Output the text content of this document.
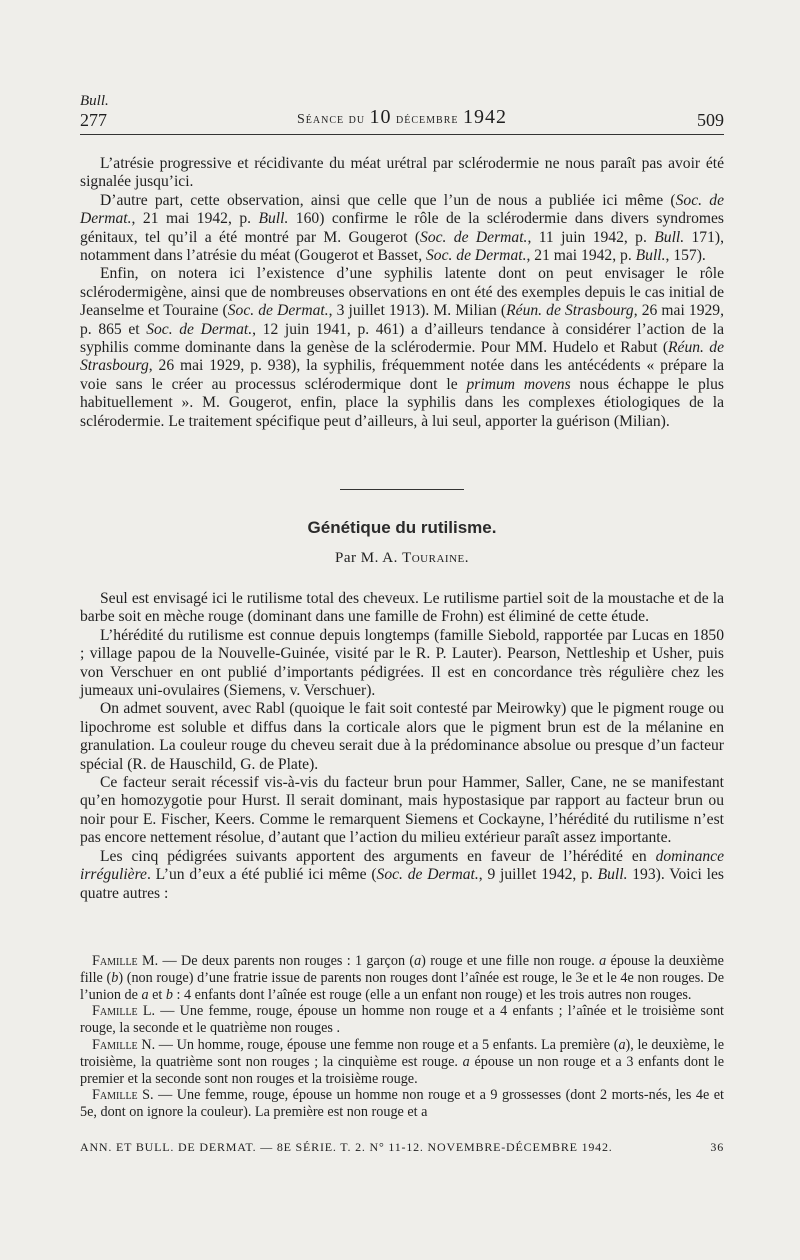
Bull.
277	Séance du 10 décembre 1942	509

L’atrésie progressive et récidivante du méat urétral par sclérodermie ne nous paraît pas avoir été signalée jusqu’ici.

D’autre part, cette observation, ainsi que celle que l’un de nous a publiée ici même (Soc. de Dermat., 21 mai 1942, p. Bull. 160) confirme le rôle de la sclérodermie dans divers syndromes génitaux, tel qu’il a été montré par M. Gougerot (Soc. de Dermat., 11 juin 1942, p. Bull. 171), notamment dans l’atrésie du méat (Gougerot et Basset, Soc. de Dermat., 21 mai 1942, p. Bull., 157).

Enfin, on notera ici l’existence d’une syphilis latente dont on peut envisager le rôle sclérodermigène, ainsi que de nombreuses observations en ont été des exemples depuis le cas initial de Jeanselme et Touraine (Soc. de Dermat., 3 juillet 1913). M. Milian (Réun. de Strasbourg, 26 mai 1929, p. 865 et Soc. de Dermat., 12 juin 1941, p. 461) a d’ailleurs tendance à considérer l’action de la syphilis comme dominante dans la genèse de la sclérodermie. Pour MM. Hudelo et Rabut (Réun. de Strasbourg, 26 mai 1929, p. 938), la syphilis, fréquemment notée dans les antécédents « prépare la voie sans le créer au processus sclérodermique dont le primum movens nous échappe le plus habituellement ». M. Gougerot, enfin, place la syphilis dans les complexes étiologiques de la sclérodermie. Le traitement spécifique peut d’ailleurs, à lui seul, apporter la guérison (Milian).

Génétique du rutilisme.
Par M. A. Touraine.

Seul est envisagé ici le rutilisme total des cheveux. Le rutilisme partiel soit de la moustache et de la barbe soit en mèche rouge (dominant dans une famille de Frohn) est éliminé de cette étude.

L’hérédité du rutilisme est connue depuis longtemps (famille Siebold, rapportée par Lucas en 1850 ; village papou de la Nouvelle-Guinée, visité par le R. P. Lauter). Pearson, Nettleship et Usher, puis von Verschuer en ont publié d’importants pédigrées. Il est en concordance très régulière chez les jumeaux uni-ovulaires (Siemens, v. Verschuer).

On admet souvent, avec Rabl (quoique le fait soit contesté par Meirowky) que le pigment rouge ou lipochrome est soluble et diffus dans la corticale alors que le pigment brun est de la mélanine en granulation. La couleur rouge du cheveu serait due à la prédominance absolue ou presque d’un facteur spécial (R. de Hauschild, G. de Plate).

Ce facteur serait récessif vis-à-vis du facteur brun pour Hammer, Saller, Cane, ne se manifestant qu’en homozygotie pour Hurst. Il serait dominant, mais hypostasique par rapport au facteur brun ou noir pour E. Fischer, Keers. Comme le remarquent Siemens et Cockayne, l’hérédité du rutilisme n’est pas encore nettement résolue, d’autant que l’action du milieu extérieur paraît assez importante.

Les cinq pédigrées suivants apportent des arguments en faveur de l’hérédité en dominance irrégulière. L’un d’eux a été publié ici même (Soc. de Dermat., 9 juillet 1942, p. Bull. 193). Voici les quatre autres :

Famille M. — De deux parents non rouges : 1 garçon (a) rouge et une fille non rouge. a épouse la deuxième fille (b) (non rouge) d’une fratrie issue de parents non rouges dont l’aînée est rouge, le 3e et le 4e non rouges. De l’union de a et b : 4 enfants dont l’aînée est rouge (elle a un enfant non rouge) et les trois autres non rouges.

Famille L. — Une femme, rouge, épouse un homme non rouge et a 4 enfants ; l’aînée et le troisième sont rouge, la seconde et le quatrième non rouges .

Famille N. — Un homme, rouge, épouse une femme non rouge et a 5 enfants. La première (a), le deuxième, le troisième, la quatrième sont non rouges ; la cinquième est rouge. a épouse un non rouge et a 3 enfants dont le premier et la seconde sont non rouges et la troisième rouge.

Famille S. — Une femme, rouge, épouse un homme non rouge et a 9 grossesses (dont 2 morts-nés, les 4e et 5e, dont on ignore la couleur). La première est non rouge et a

ANN. ET BULL. DE DERMAT. — 8E SÉRIE. T. 2. N° 11-12. NOVEMBRE-DÉCEMBRE 1942.	36
